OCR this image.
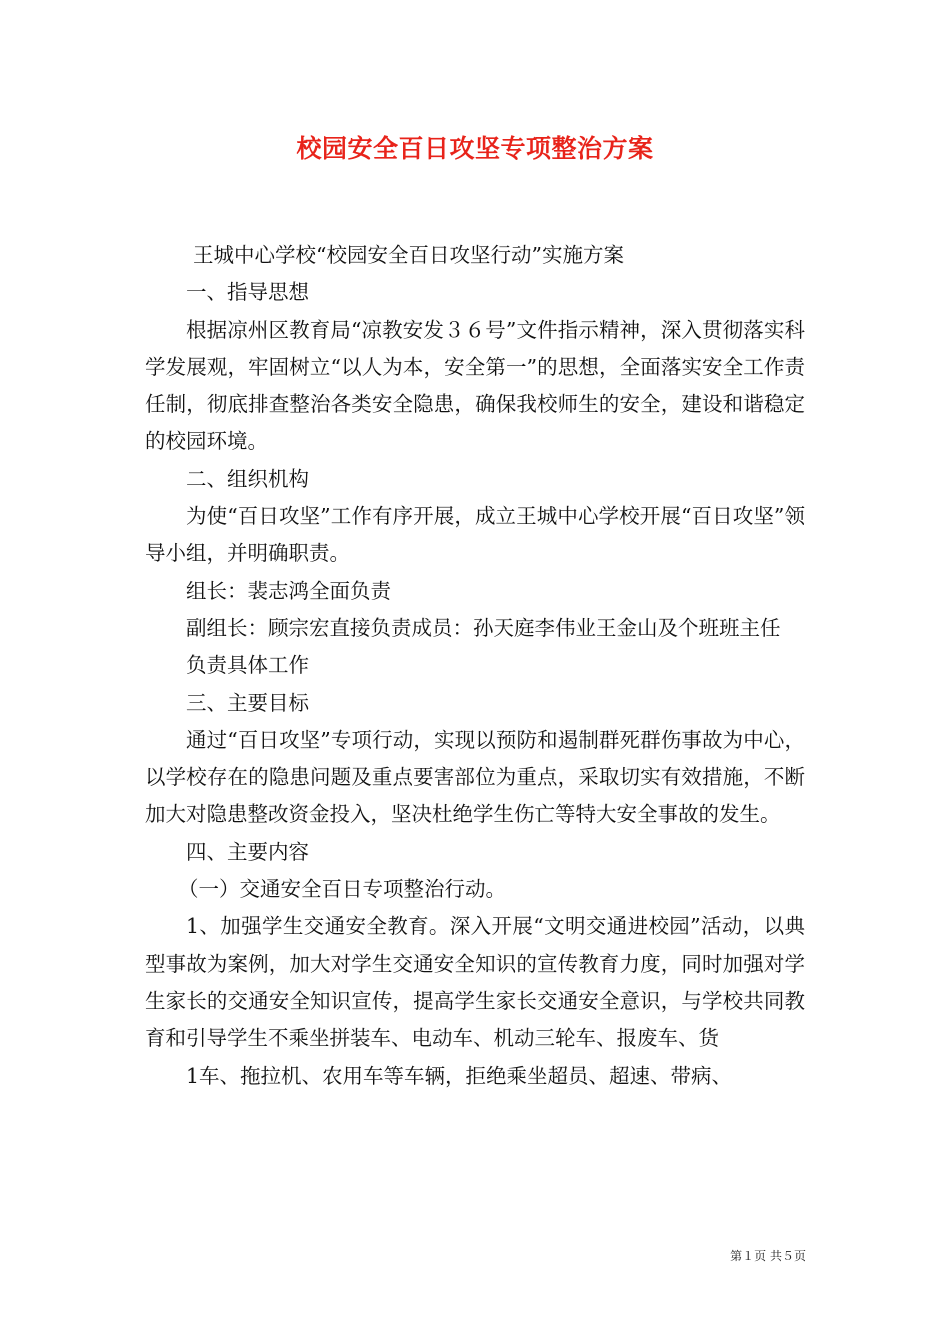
校园安全百日攻坚专项整治方案

王城中心学校“校园安全百日攻坚行动”实施方案

一、指导思想

根据凉州区教育局“凉教安发３６号”文件指示精神，深入贯彻落实科学发展观，牢固树立“以人为本，安全第一”的思想，全面落实安全工作责任制，彻底排查整治各类安全隐患，确保我校师生的安全，建设和谐稳定的校园环境。

二、组织机构

为使“百日攻坚”工作有序开展，成立王城中心学校开展“百日攻坚”领导小组，并明确职责。

组长：裴志鸿全面负责

副组长：顾宗宏直接负责成员：孙天庭李伟业王金山及个班班主任

负责具体工作

三、主要目标

通过“百日攻坚”专项行动，实现以预防和遏制群死群伤事故为中心，以学校存在的隐患问题及重点要害部位为重点，采取切实有效措施，不断加大对隐患整改资金投入，坚决杜绝学生伤亡等特大安全事故的发生。

四、主要内容

（一）交通安全百日专项整治行动。

1、加强学生交通安全教育。深入开展“文明交通进校园”活动，以典型事故为案例，加大对学生交通安全知识的宣传教育力度，同时加强对学生家长的交通安全知识宣传，提高学生家长交通安全意识，与学校共同教育和引导学生不乘坐拼装车、电动车、机动三轮车、报废车、货

1车、拖拉机、农用车等车辆，拒绝乘坐超员、超速、带病、

第１页 共５页
